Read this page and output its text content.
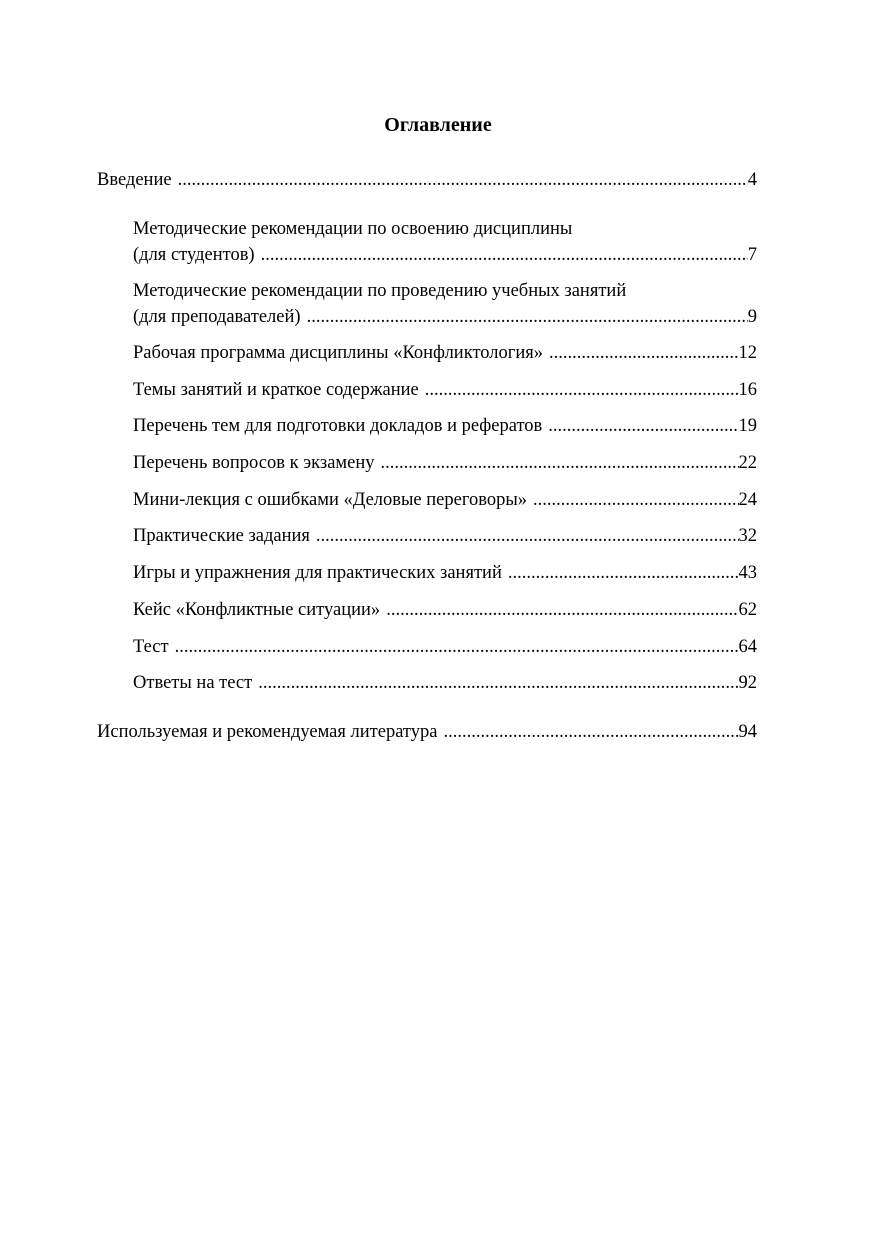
Оглавление
Введение .....	4
Методические рекомендации по освоению дисциплины
(для студентов) .....	7
Методические рекомендации по проведению учебных занятий
(для преподавателей) .....	9
Рабочая программа дисциплины «Конфликтология» .....	12
Темы занятий и краткое содержание .....	16
Перечень тем для подготовки докладов и рефератов .....	19
Перечень вопросов к экзамену .....	22
Мини-лекция с ошибками «Деловые переговоры» .....	24
Практические задания .....	32
Игры и упражнения для практических занятий .....	43
Кейс «Конфликтные ситуации» .....	62
Тест .....	64
Ответы на тест .....	92
Используемая и рекомендуемая литература .....	94
